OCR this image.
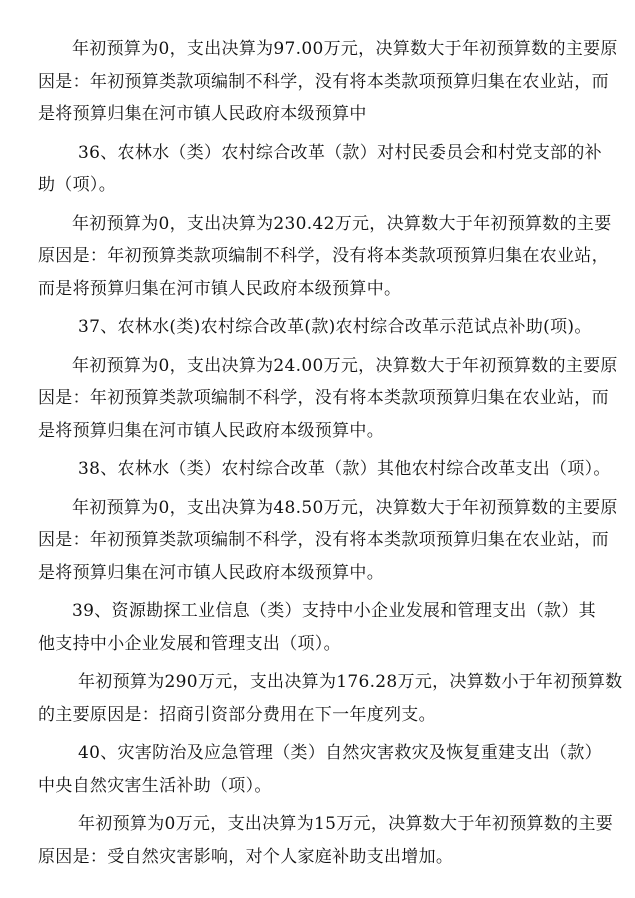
年初预算为0，支出决算为97.00万元，决算数大于年初预算数的主要原
因是：年初预算类款项编制不科学，没有将本类款项预算归集在农业站，而
是将预算归集在河市镇人民政府本级预算中

36、农林水（类）农村综合改革（款）对村民委员会和村党支部的补
助（项）。

年初预算为0，支出决算为230.42万元，决算数大于年初预算数的主要
原因是：年初预算类款项编制不科学，没有将本类款项预算归集在农业站，
而是将预算归集在河市镇人民政府本级预算中。

37、农林水(类)农村综合改革(款)农村综合改革示范试点补助(项)。

年初预算为0，支出决算为24.00万元，决算数大于年初预算数的主要原
因是：年初预算类款项编制不科学，没有将本类款项预算归集在农业站，而
是将预算归集在河市镇人民政府本级预算中。

38、农林水（类）农村综合改革（款）其他农村综合改革支出（项）。

年初预算为0，支出决算为48.50万元，决算数大于年初预算数的主要原
因是：年初预算类款项编制不科学，没有将本类款项预算归集在农业站，而
是将预算归集在河市镇人民政府本级预算中。

39、资源勘探工业信息（类）支持中小企业发展和管理支出（款）其
他支持中小企业发展和管理支出（项）。

年初预算为290万元，支出决算为176.28万元，决算数小于年初预算数
的主要原因是：招商引资部分费用在下一年度列支。

40、灾害防治及应急管理（类）自然灾害救灾及恢复重建支出（款）
中央自然灾害生活补助（项）。

年初预算为0万元，支出决算为15万元，决算数大于年初预算数的主要
原因是：受自然灾害影响，对个人家庭补助支出增加。
